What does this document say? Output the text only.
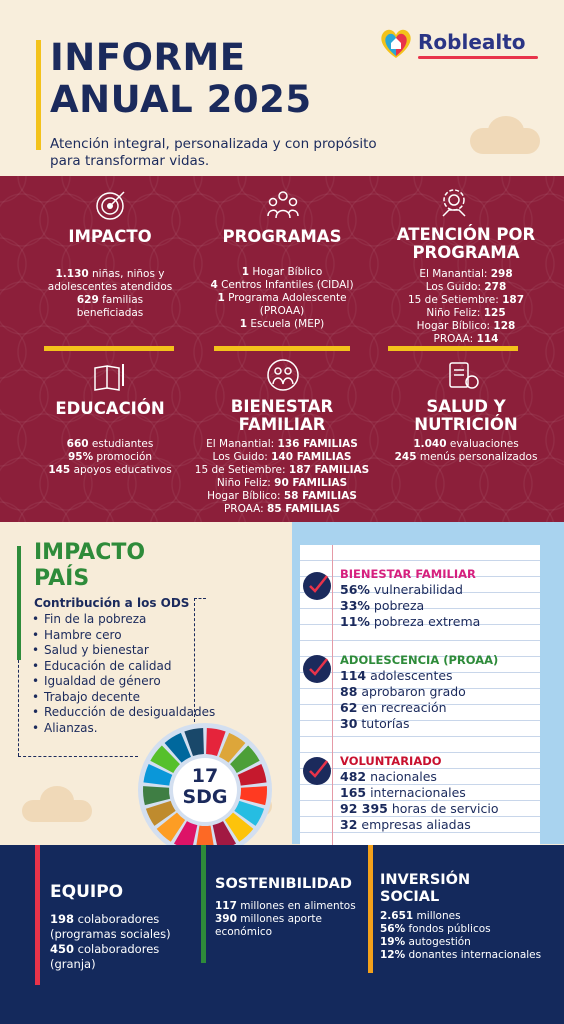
INFORME
ANUAL 2025
Atención integral, personalizada y con propósito para transformar vidas.
Roblealto
IMPACTO
1.130 niñas, niños y
adolescentes atendidos
629 familias
beneficiadas
PROGRAMAS
1 Hogar Bíblico
4 Centros Infantiles (CIDAI)
1 Programa Adolescente
(PROAA)
1 Escuela (MEP)
ATENCIÓN POR
PROGRAMA
El Manantial: 298
Los Guido: 278
15 de Setiembre: 187
Niño Feliz: 125
Hogar Bíblico: 128
PROAA: 114
EDUCACIÓN
660 estudiantes
95% promoción
145 apoyos educativos
BIENESTAR
FAMILIAR
El Manantial: 136 FAMILIAS
Los Guido: 140 FAMILIAS
15 de Setiembre: 187 FAMILIAS
Niño Feliz: 90 FAMILIAS
Hogar Bíblico: 58 FAMILIAS
PROAA: 85 FAMILIAS
SALUD Y
NUTRICIÓN
1.040 evaluaciones
245 menús personalizados
IMPACTO
PAÍS
Contribución a los ODS
• Fin de la pobreza
• Hambre cero
• Salud y bienestar
• Educación de calidad
• Igualdad de género
• Trabajo decente
• Reducción de desigualdades
• Alianzas.
17
SDG
BIENESTAR FAMILIAR
56% vulnerabilidad
33% pobreza
11% pobreza extrema
ADOLESCENCIA (PROAA)
114 adolescentes
88 aprobaron grado
62 en recreación
30 tutorías
VOLUNTARIADO
482 nacionales
165 internacionales
92 395 horas de servicio
32 empresas aliadas
EQUIPO
198 colaboradores
(programas sociales)
450 colaboradores
(granja)
SOSTENIBILIDAD
117 millones en alimentos
390 millones aporte
económico
INVERSIÓN
SOCIAL
2.651 millones
56% fondos públicos
19% autogestión
12% donantes internacionales
